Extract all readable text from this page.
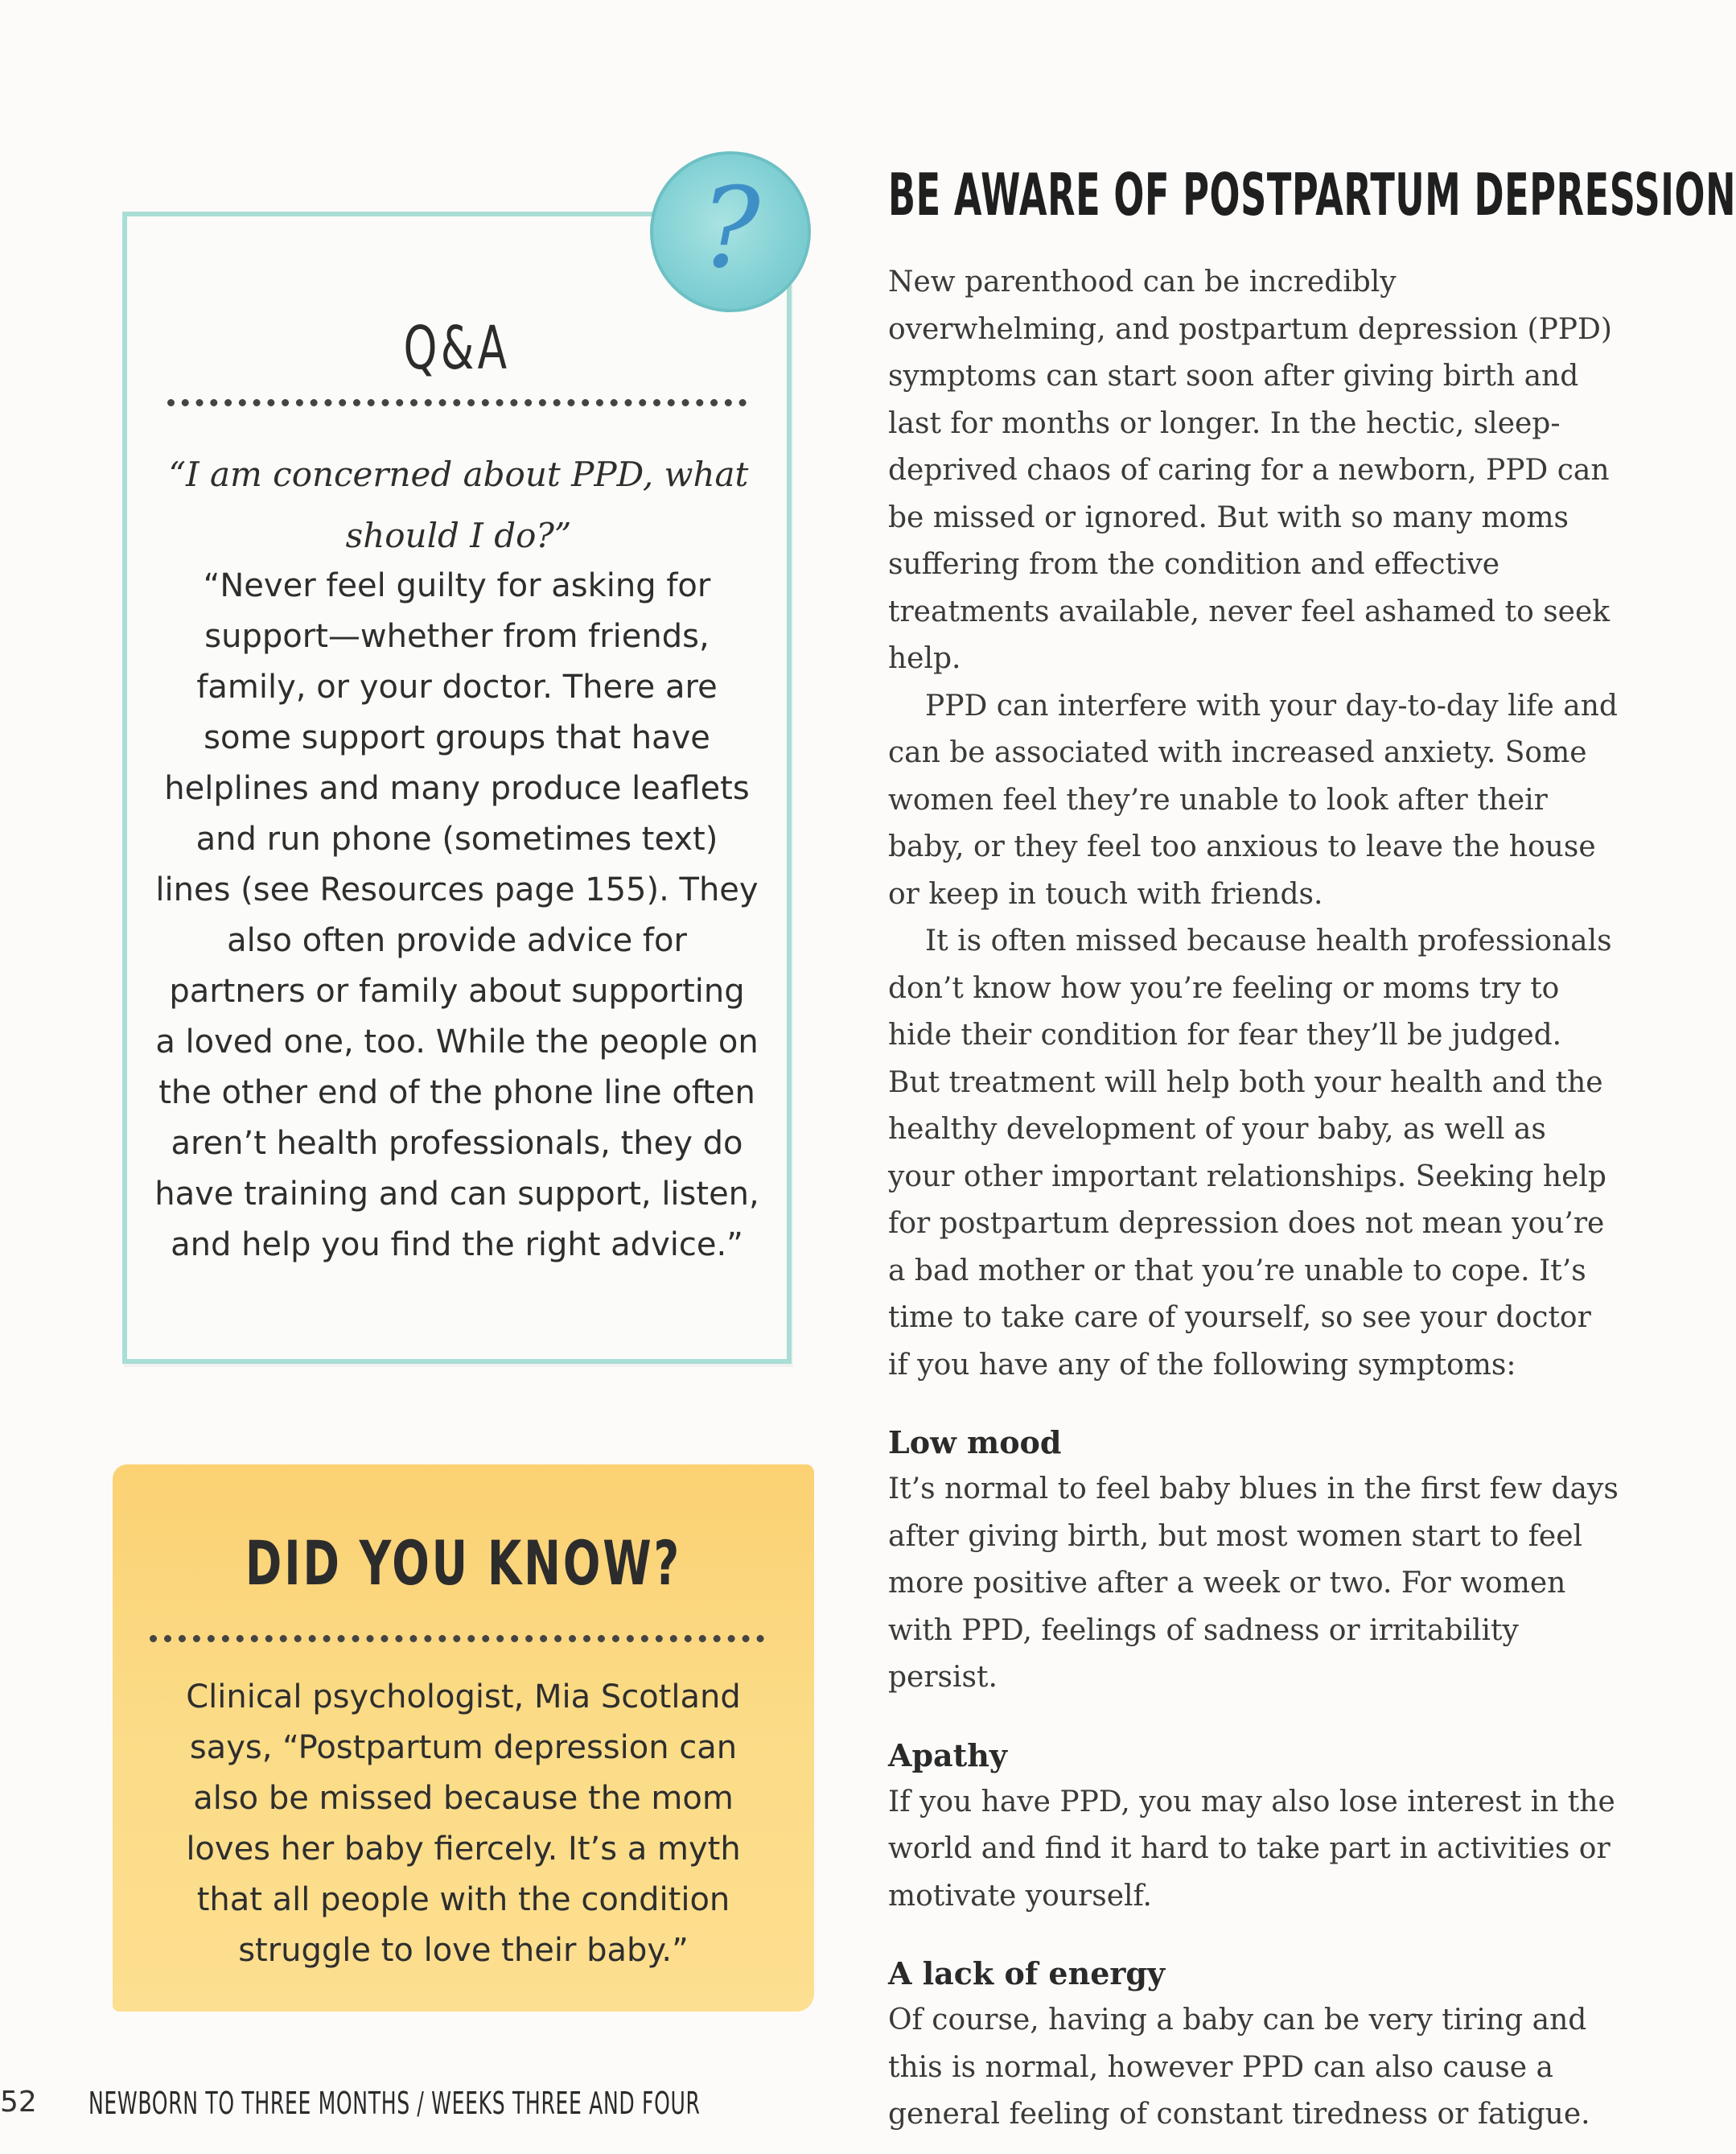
?
Q&A
“I am concerned about PPD, what should I do?”
“Never feel guilty for asking for support—whether from friends, family, or your doctor. There are some support groups that have helplines and many produce leaflets and run phone (sometimes text) lines (see Resources page 155). They also often provide advice for partners or family about supporting a loved one, too. While the people on the other end of the phone line often aren’t health professionals, they do have training and can support, listen, and help you find the right advice.”
DID YOU KNOW?
Clinical psychologist, Mia Scotland says, “Postpartum depression can also be missed because the mom loves her baby fiercely. It’s a myth that all people with the condition struggle to love their baby.”
BE AWARE OF POSTPARTUM DEPRESSION

New parenthood can be incredibly overwhelming, and postpartum depression (PPD) symptoms can start soon after giving birth and last for months or longer. In the hectic, sleep-deprived chaos of caring for a newborn, PPD can be missed or ignored. But with so many moms suffering from the condition and effective treatments available, never feel ashamed to seek help.

PPD can interfere with your day-to-day life and can be associated with increased anxiety. Some women feel they’re unable to look after their baby, or they feel too anxious to leave the house or keep in touch with friends.

It is often missed because health professionals don’t know how you’re feeling or moms try to hide their condition for fear they’ll be judged. But treatment will help both your health and the healthy development of your baby, as well as your other important relationships. Seeking help for postpartum depression does not mean you’re a bad mother or that you’re unable to cope. It’s time to take care of yourself, so see your doctor if you have any of the following symptoms:

Low mood

It’s normal to feel baby blues in the first few days after giving birth, but most women start to feel more positive after a week or two. For women with PPD, feelings of sadness or irritability persist.

Apathy

If you have PPD, you may also lose interest in the world and find it hard to take part in activities or motivate yourself.

A lack of energy

Of course, having a baby can be very tiring and this is normal, however PPD can also cause a general feeling of constant tiredness or fatigue.

52 NEWBORN TO THREE MONTHS / WEEKS THREE AND FOUR
